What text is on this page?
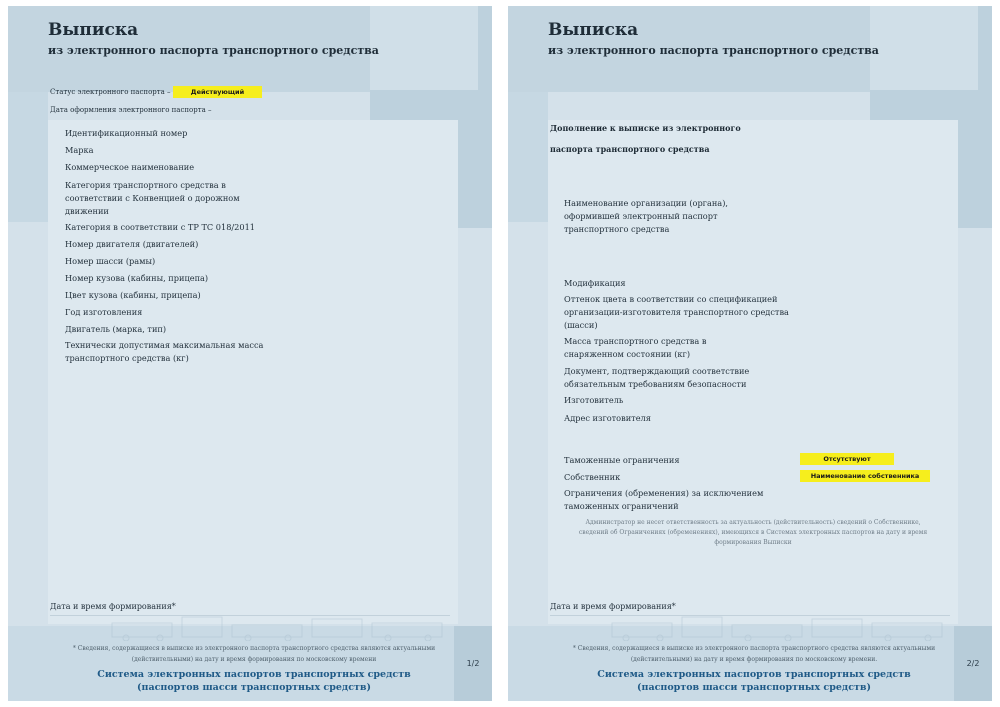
Выписка
из электронного паспорта транспортного средства
Статус электронного паспорта –	Действующий
Дата оформления электронного паспорта –

Идентификационный номер

Марка

Коммерческое наименование

Категория транспортного средства в соответствии с Конвенцией о дорожном движении

Категория в соответствии с ТР ТС 018/2011

Номер двигателя (двигателей)

Номер шасси (рамы)

Номер кузова (кабины, прицепа)

Цвет кузова (кабины, прицепа)

Год изготовления

Двигатель (марка, тип)

Технически допустимая максимальная масса транспортного средства (кг)

Дата и время формирования*

* Сведения, содержащиеся в выписке из электронного паспорта транспортного средства являются актуальными (действительными) на дату и время формирования по московскому времени

Система электронных паспортов транспортных средств
(паспортов шасси транспортных средств)

1/2
Выписка
из электронного паспорта транспортного средства
Дополнение к выписке из электронного
паспорта транспортного средства

Наименование организации (органа), оформившей электронный паспорт транспортного средства

Модификация

Оттенок цвета в соответствии со спецификацией организации-изготовителя транспортного средства (шасси)

Масса транспортного средства в снаряженном состоянии (кг)

Документ, подтверждающий соответствие обязательным требованиям безопасности

Изготовитель

Адрес изготовителя

Таможенные ограничения

Собственник

Ограничения (обременения) за исключением таможенных ограничений

Отсутствуют
Наименование собственника

Администратор не несет ответственность за актуальность (действительность) сведений о Собственнике, сведений об Ограничениях (обременениях), имеющихся в Системах электронных паспортов на дату и время формирования Выписки

Дата и время формирования*

* Сведения, содержащиеся в выписке из электронного паспорта транспортного средства являются актуальными (действительными) на дату и время формирования по московскому времени.

Система электронных паспортов транспортных средств
(паспортов шасси транспортных средств)

2/2
